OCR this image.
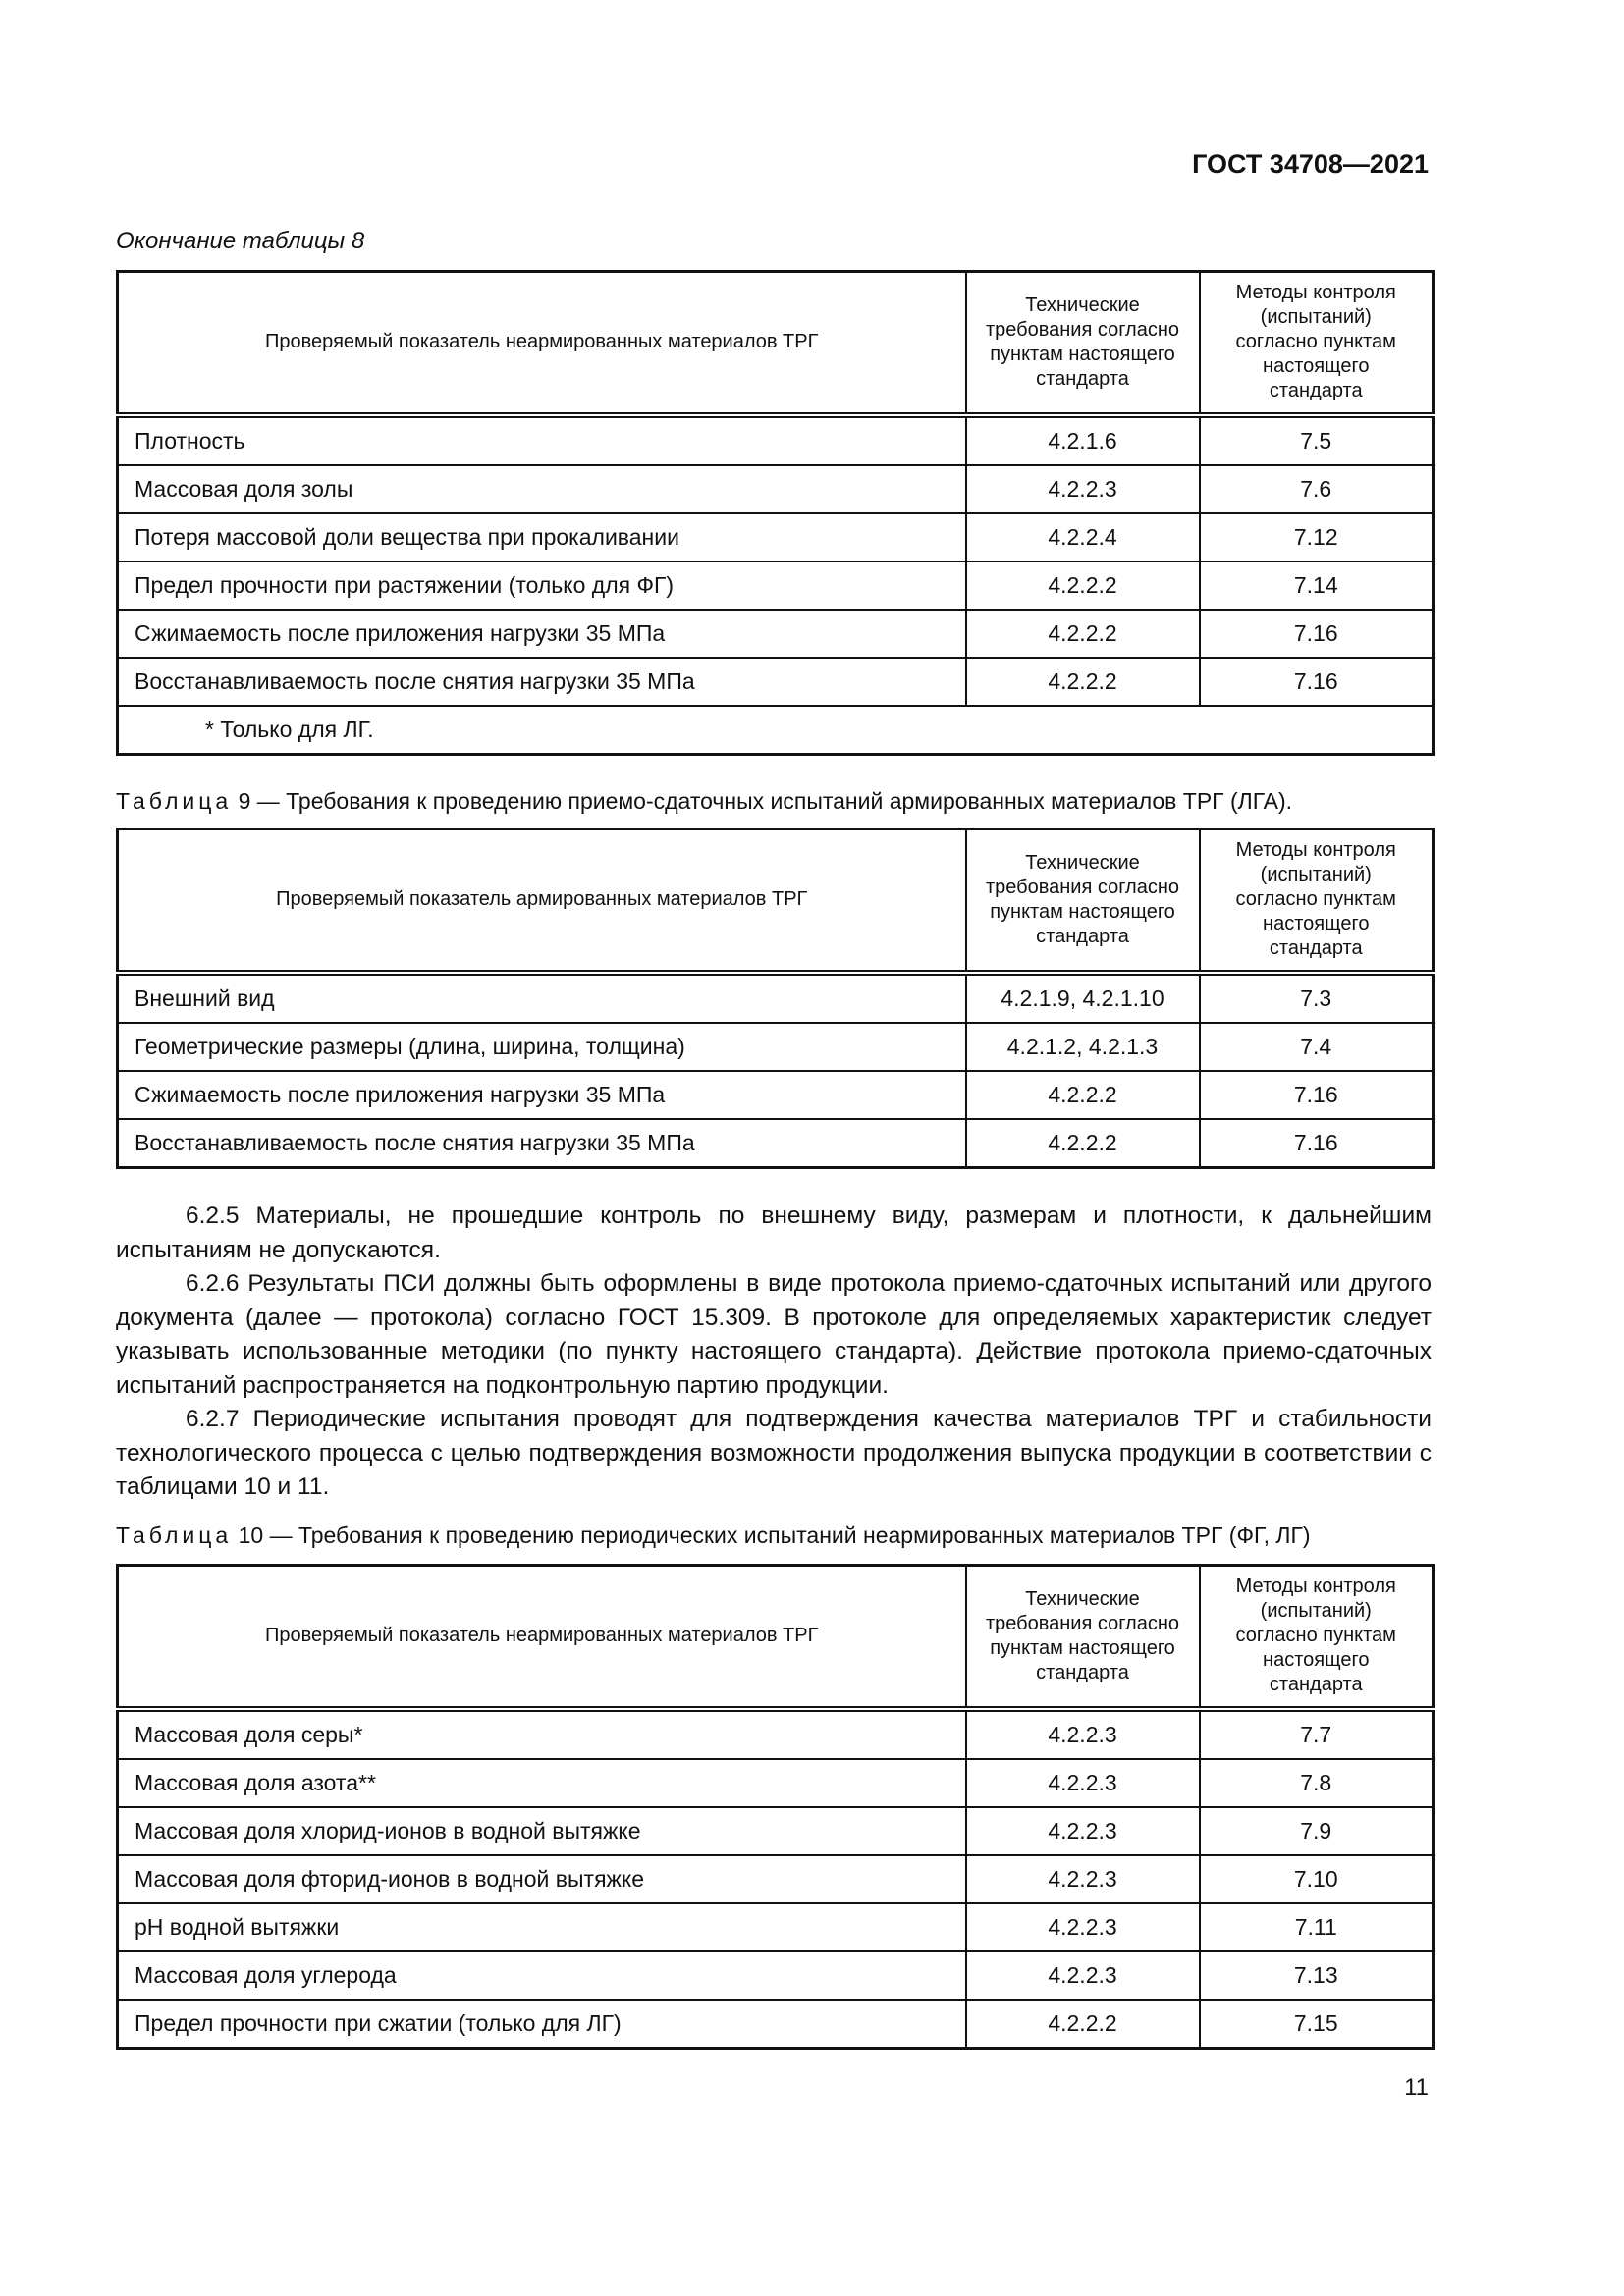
ГОСТ 34708—2021
Окончание таблицы 8
Проверяемый показатель неармированных материалов ТРГ	Технические требования согласно пунктам настоящего стандарта	Методы контроля (испытаний) согласно пунктам настоящего стандарта
Плотность	4.2.1.6	7.5
Массовая доля золы	4.2.2.3	7.6
Потеря массовой доли вещества при прокаливании	4.2.2.4	7.12
Предел прочности при растяжении (только для ФГ)	4.2.2.2	7.14
Сжимаемость после приложения нагрузки 35 МПа	4.2.2.2	7.16
Восстанавливаемость после снятия нагрузки 35 МПа	4.2.2.2	7.16
* Только для ЛГ.		
Таблица 9 — Требования к проведению приемо-сдаточных испытаний армированных материалов ТРГ (ЛГА).
Проверяемый показатель армированных материалов ТРГ	Технические требования согласно пунктам настоящего стандарта	Методы контроля (испытаний) согласно пунктам настоящего стандарта
Внешний вид	4.2.1.9, 4.2.1.10	7.3
Геометрические размеры (длина, ширина, толщина)	4.2.1.2, 4.2.1.3	7.4
Сжимаемость после приложения нагрузки 35 МПа	4.2.2.2	7.16
Восстанавливаемость после снятия нагрузки 35 МПа	4.2.2.2	7.16

6.2.5 Материалы, не прошедшие контроль по внешнему виду, размерам и плотности, к дальнейшим испытаниям не допускаются.

6.2.6 Результаты ПСИ должны быть оформлены в виде протокола приемо-сдаточных испытаний или другого документа (далее — протокола) согласно ГОСТ 15.309. В протоколе для определяемых характеристик следует указывать использованные методики (по пункту настоящего стандарта). Действие протокола приемо-сдаточных испытаний распространяется на подконтрольную партию продукции.

6.2.7 Периодические испытания проводят для подтверждения качества материалов ТРГ и стабильности технологического процесса с целью подтверждения возможности продолжения выпуска продукции в соответствии с таблицами 10 и 11.

Таблица 10 — Требования к проведению периодических испытаний неармированных материалов ТРГ (ФГ, ЛГ)
Проверяемый показатель неармированных материалов ТРГ	Технические требования согласно пунктам настоящего стандарта	Методы контроля (испытаний) согласно пунктам настоящего стандарта
Массовая доля серы*	4.2.2.3	7.7
Массовая доля азота**	4.2.2.3	7.8
Массовая доля хлорид-ионов в водной вытяжке	4.2.2.3	7.9
Массовая доля фторид-ионов в водной вытяжке	4.2.2.3	7.10
pH водной вытяжки	4.2.2.3	7.11
Массовая доля углерода	4.2.2.3	7.13
Предел прочности при сжатии (только для ЛГ)	4.2.2.2	7.15
11
